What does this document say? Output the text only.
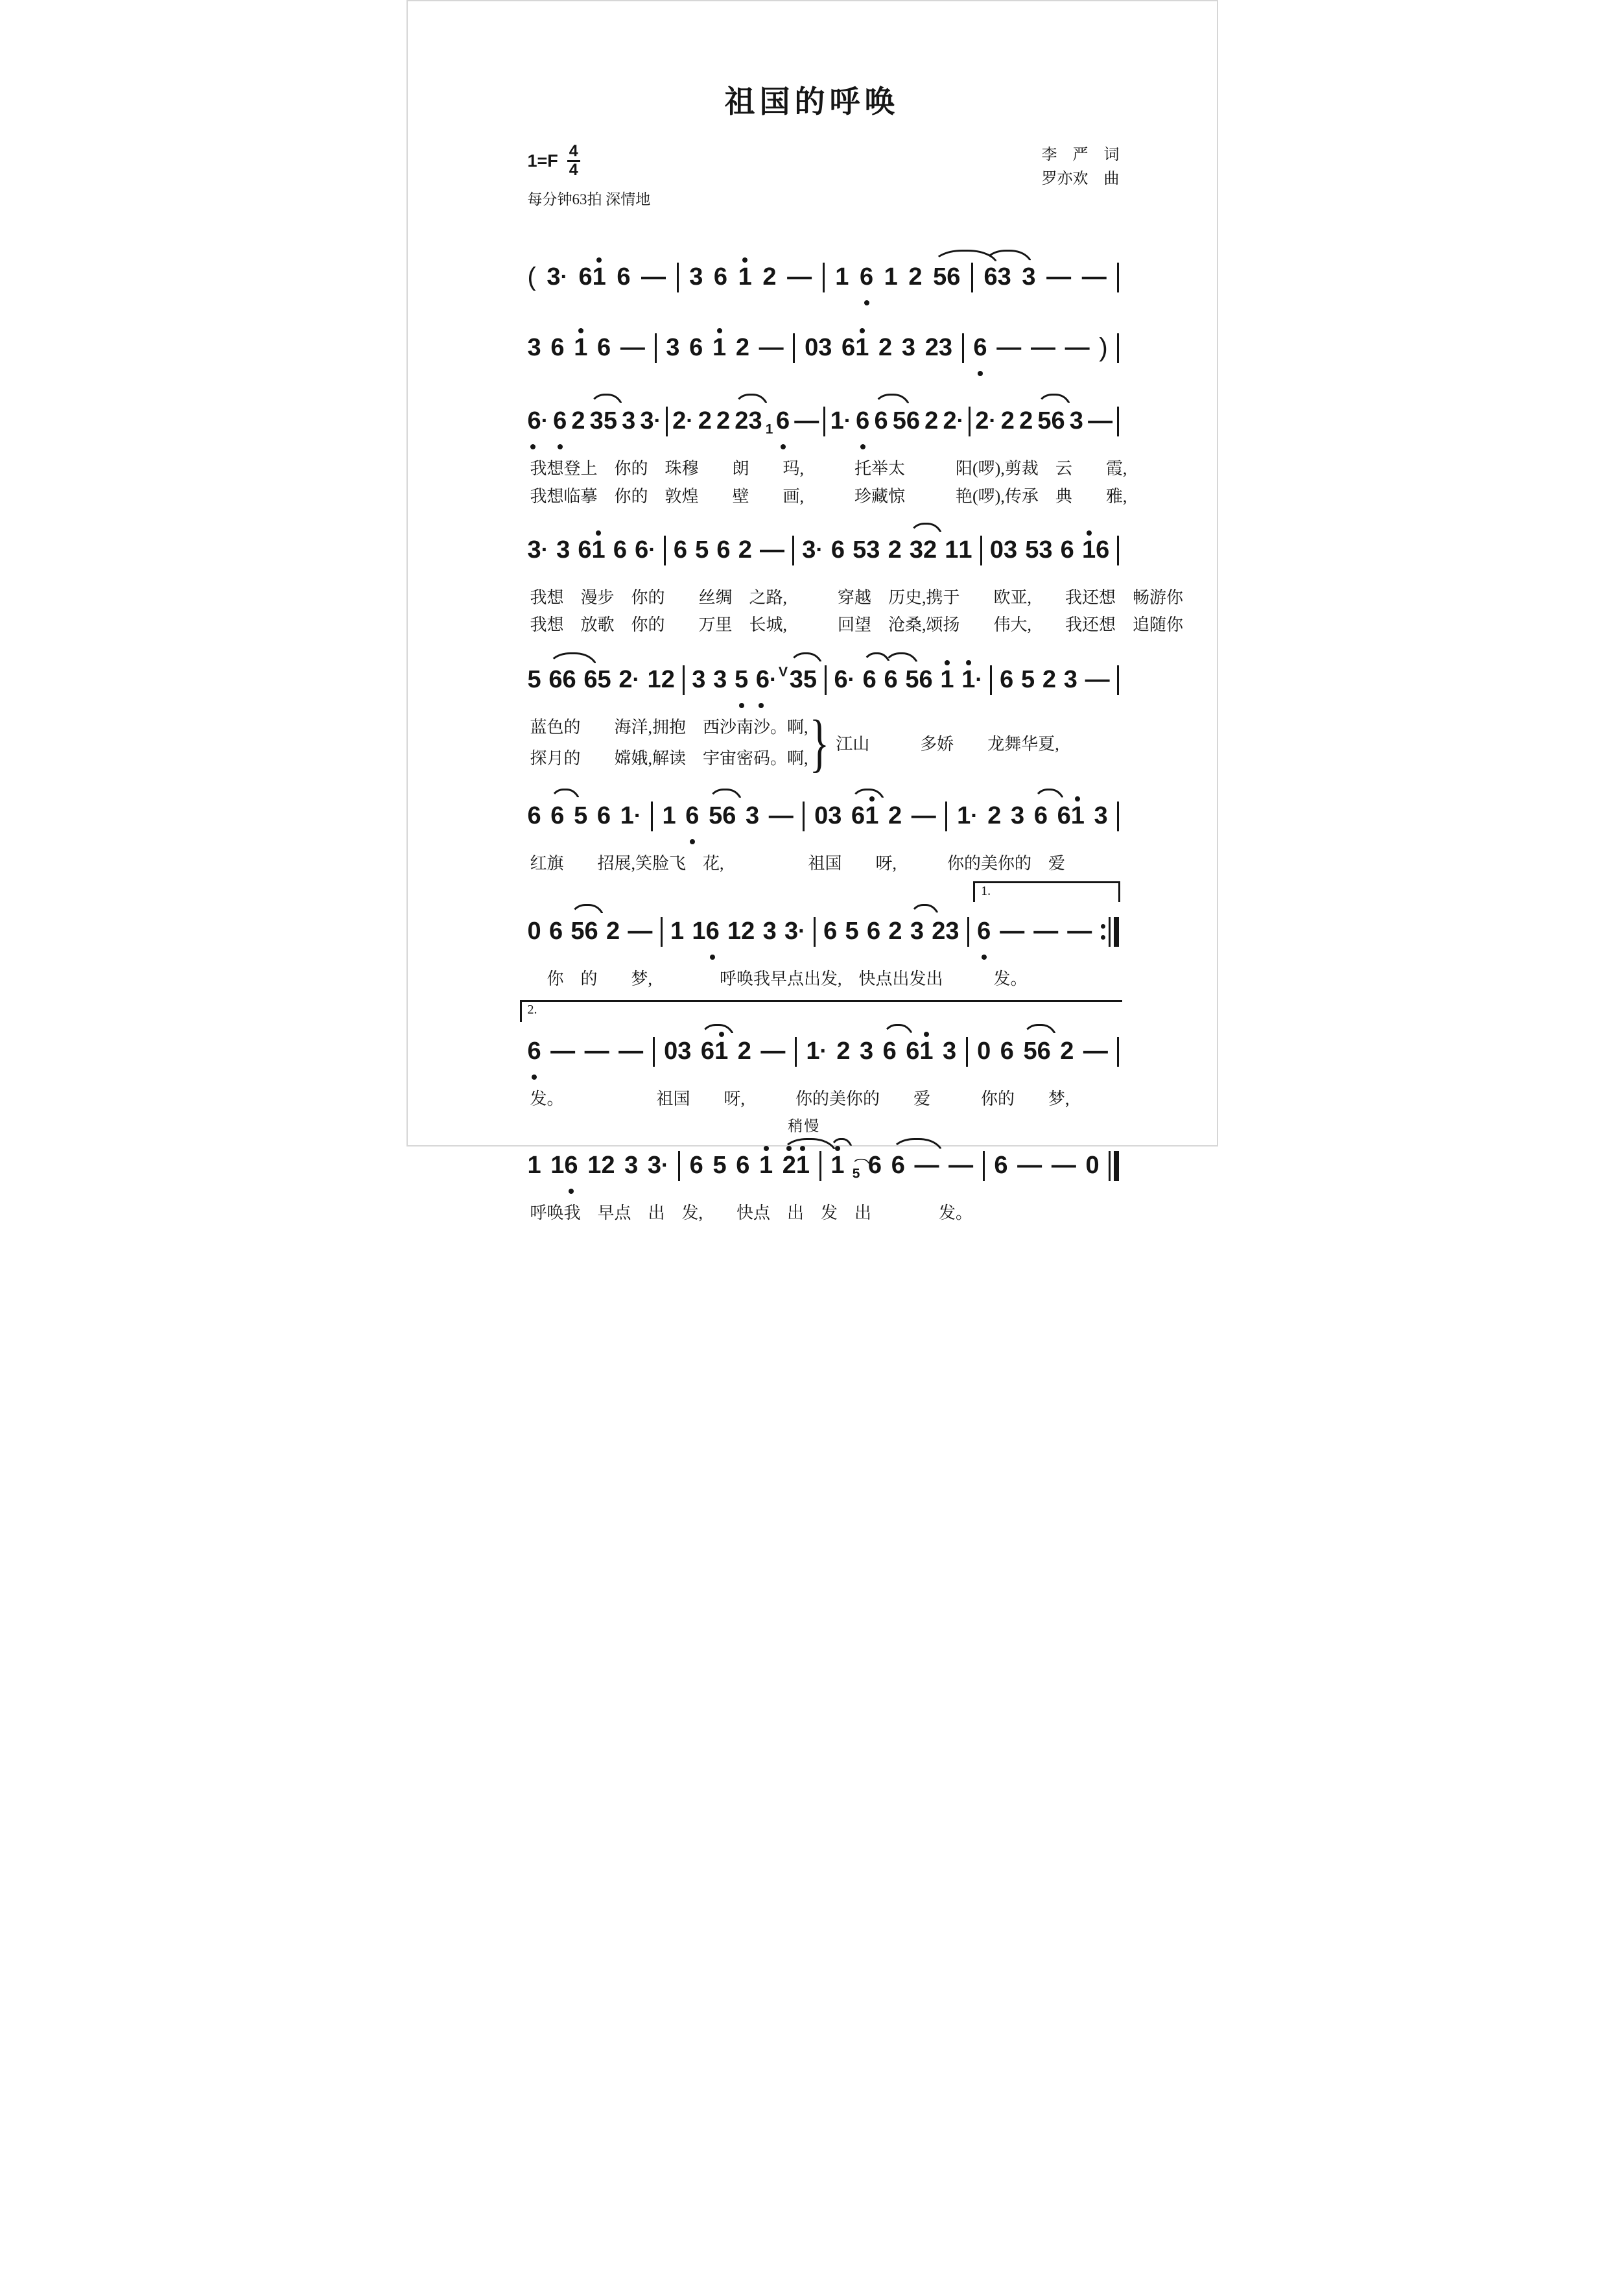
祖国的呼唤
$1=F \frac{4}{4}$
每分钟63拍 深情地
李　严　词
罗亦欢　曲
( 3 · 6 1 6 — 3 6 1 2 — 1 6 1 2 5 6 6 3 3 — —
3 6 1 6 — 3 6 1 2 — 0 3 6 1 2 3 2 3 6 — — — )
6 · 6 2 3 5 3 3 · 2 · 2 2 2 3 1 6 — 1 · 6 6 5 6 2 2 · 2 · 2 2 5 6 3 —
我想登上　你的　珠穆　　朗　　玛,　　　托举太　　　阳(啰),剪裁　云　　霞,
我想临摹　你的　敦煌　　壁　　画,　　　珍藏惊　　　艳(啰),传承　典　　雅,
3 · 3 6 1 6 6 · 6 5 6 2 — 3 · 6 5 3 2 3 2 1 1 0 3 5 3 6 1 6
我想　漫步　你的　　丝绸　之路,　　　穿越　历史,携于　　欧亚,　　我还想　畅游你
我想　放歌　你的　　万里　长城,　　　回望　沧桑,颂扬　　伟大,　　我还想　追随你
5 6 6 6 5 2 · 1 2 3 3 5 6 · V 3 5 6 · 6 6 5 6 1 1 · 6 5 2 3 —
蓝色的　　海洋,拥抱　西沙南沙。啊,
探月的　　嫦娥,解读　宇宙密码。啊, } 江山　　　多娇　　龙舞华夏,
6 6 5 6 1 · 1 6 5 6 3 — 0 3 6 1 2 — 1 · 2 3 6 6 1 3
红旗　　招展,笑脸飞　花,　　　　　祖国　　呀,　　　你的美你的　爱
0 6 5 6 2 — 1 1 6 1 2 3 3 · 6 5 6 2 3 2 3
1.
6 — — —
　你　的　　梦,　　　　呼唤我早点出发,　快点出发出　　　发。
2.
6 — — — 0 3 6 1 2 — 1 · 2 3 6 6 1 3 0 6 5 6 2 —
发。　　　　　　祖国　　呀,　　　你的美你的　　爱　　　你的　　梦,
稍慢
1 1 6 1 2 3 3 · 6 5 6 1 2 1 1 5 6 6 — — 6 — — 0
呼唤我　早点　出　发,　　快点　出　发　出　　　　发。
